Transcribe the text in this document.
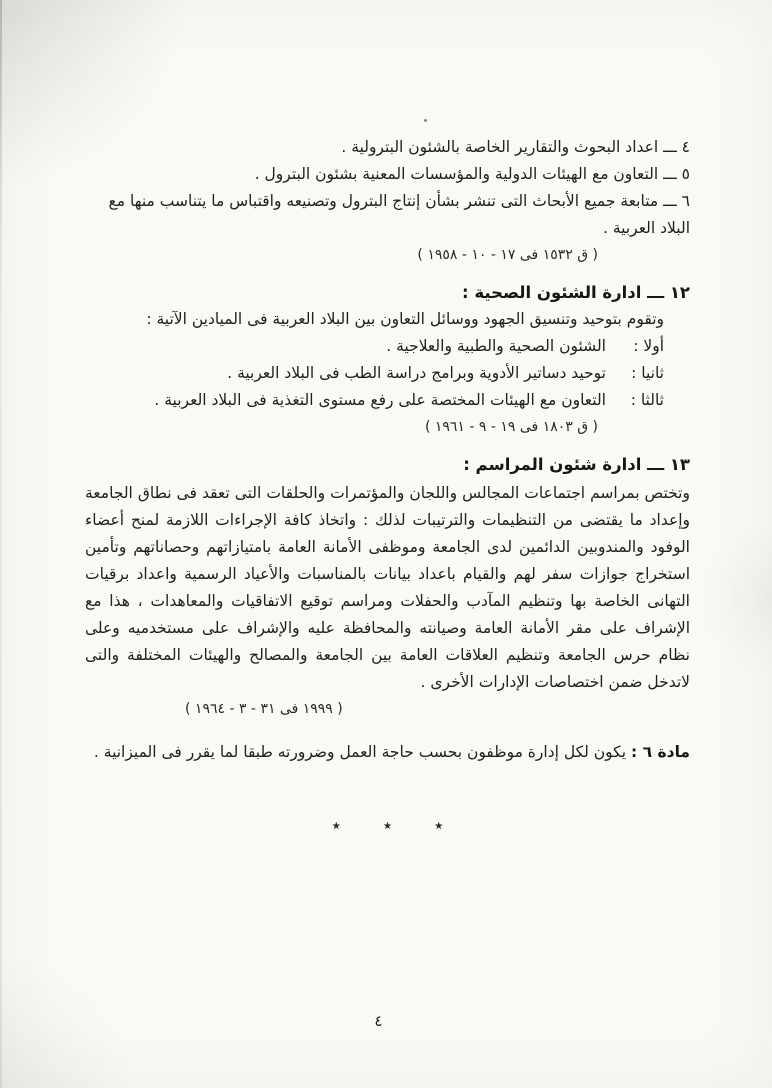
٤ ـــ اعداد البحوث والتقارير الخاصة بالشئون البترولية .

٥ ـــ التعاون مع الهيئات الدولية والمؤسسات المعنية بشئون البترول .

٦ ـــ متابعة جميع الأبحاث التى تنشر بشأن إنتاج البترول وتصنيعه واقتباس ما يتناسب منها مع البلاد العربية .

( ق ١٥٣٢ فى ١٧ - ١٠ - ١٩٥٨ )

١٢ ـــ ادارة الشئون الصحية :

وتقوم بتوحيد وتنسيق الجهود ووسائل التعاون بين البلاد العربية فى الميادين الآتية :

أولا :الشئون الصحية والطبية والعلاجية .

ثانيا :توحيد دساتير الأدوية وبرامج دراسة الطب فى البلاد العربية .

ثالثا :التعاون مع الهيئات المختصة على رفع مستوى التغذية فى البلاد العربية .

( ق ١٨٠٣ فى ١٩ - ٩ - ١٩٦١ )

١٣ ـــ ادارة شئون المراسم :

وتختص بمراسم اجتماعات المجالس واللجان والمؤتمرات والحلقات التى تعقد فى نطاق الجامعة وإعداد ما يقتضى من التنظيمات والترتيبات لذلك : واتخاذ كافة الإجراءات اللازمة لمنح أعضاء الوفود والمندوبين الدائمين لدى الجامعة وموظفى الأمانة العامة بامتيازاتهم وحصاناتهم وتأمين استخراج جوازات سفر لهم والقيام باعداد بيانات بالمناسبات والأعياد الرسمية واعداد برقيات التهانى الخاصة بها وتنظيم المآدب والحفلات ومراسم توقيع الاتفاقيات والمعاهدات ، هذا مع الإشراف على مقر الأمانة العامة وصيانته والمحافظة عليه والإشراف على مستخدميه وعلى نظام حرس الجامعة وتنظيم العلاقات العامة بين الجامعة والمصالح والهيئات المختلفة والتى لاتدخل ضمن اختصاصات الإدارات الأخرى .

( ١٩٩٩ فى ٣١ - ٣ - ١٩٦٤ )

مادة ٦ : يكون لكل إدارة موظفون بحسب حاجة العمل وضرورته طبقا لما يقرر فى الميزانية .

٭٭٭

٤
